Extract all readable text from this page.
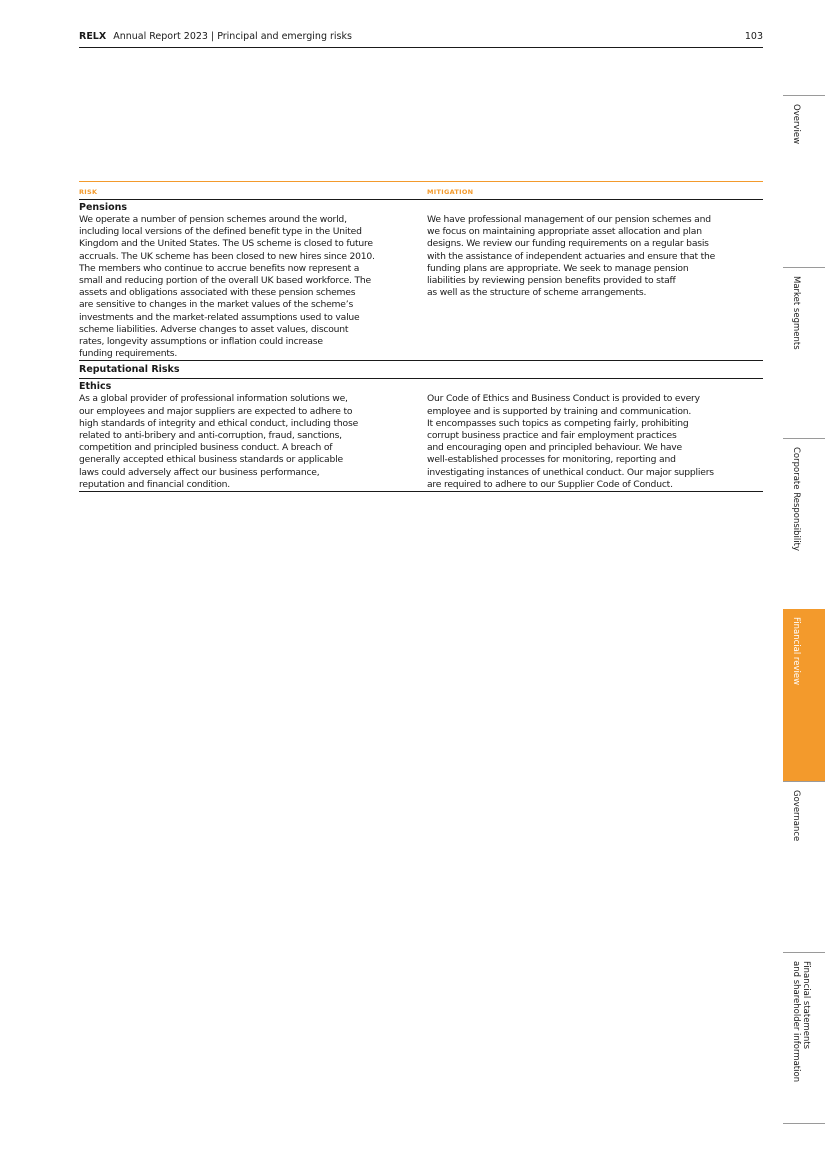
RELX Annual Report 2023 | Principal and emerging risks	103
RISK	MITIGATION
Pensions
We operate a number of pension schemes around the world,
including local versions of the defined benefit type in the United
Kingdom and the United States. The US scheme is closed to future
accruals. The UK scheme has been closed to new hires since 2010.
The members who continue to accrue benefits now represent a
small and reducing portion of the overall UK based workforce. The
assets and obligations associated with these pension schemes
are sensitive to changes in the market values of the scheme’s
investments and the market-related assumptions used to value
scheme liabilities. Adverse changes to asset values, discount
rates, longevity assumptions or inflation could increase
funding requirements.
We have professional management of our pension schemes and
we focus on maintaining appropriate asset allocation and plan
designs. We review our funding requirements on a regular basis
with the assistance of independent actuaries and ensure that the
funding plans are appropriate. We seek to manage pension
liabilities by reviewing pension benefits provided to staff
as well as the structure of scheme arrangements.
Reputational Risks
Ethics
As a global provider of professional information solutions we,
our employees and major suppliers are expected to adhere to
high standards of integrity and ethical conduct, including those
related to anti-bribery and anti-corruption, fraud, sanctions,
competition and principled business conduct. A breach of
generally accepted ethical business standards or applicable
laws could adversely affect our business performance,
reputation and financial condition.
Our Code of Ethics and Business Conduct is provided to every
employee and is supported by training and communication.
It encompasses such topics as competing fairly, prohibiting
corrupt business practice and fair employment practices
and encouraging open and principled behaviour. We have
well-established processes for monitoring, reporting and
investigating instances of unethical conduct. Our major suppliers
are required to adhere to our Supplier Code of Conduct.
Overview
Market segments
Corporate Responsibility
Financial review
Governance
Financial statements
and shareholder information
